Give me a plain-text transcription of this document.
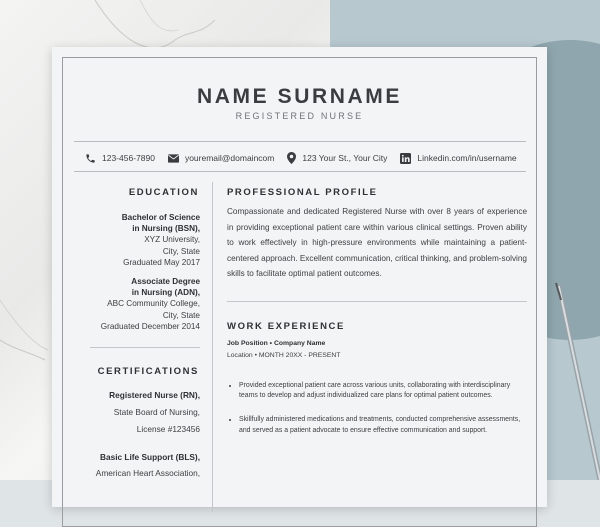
NAME SURNAME
REGISTERED NURSE
123-456-7890	youremail@domaincom	123 Your St., Your City	Linkedin.com/in/username
EDUCATION
Bachelor of Science
in Nursing (BSN),
XYZ University,
City, State
Graduated May 2017
Associate Degree
in Nursing (ADN),
ABC Community College,
City, State
Graduated December 2014
CERTIFICATIONS
Registered Nurse (RN),
State Board of Nursing,
License #123456
Basic Life Support (BLS),
American Heart Association,
PROFESSIONAL PROFILE
Compassionate and dedicated Registered Nurse with over 8 years of experience in providing exceptional patient care within various clinical settings. Proven ability to work effectively in high-pressure environments while maintaining a patient-centered approach. Excellent communication, critical thinking, and problem-solving skills to facilitate optimal patient outcomes.
WORK EXPERIENCE
Job Position • Company Name
Location • MONTH 20XX - PRESENT
• Provided exceptional patient care across various units, collaborating with interdisciplinary teams to develop and adjust individualized care plans for optimal patient outcomes.
• Skillfully administered medications and treatments, conducted comprehensive assessments, and served as a patient advocate to ensure effective communication and support.
